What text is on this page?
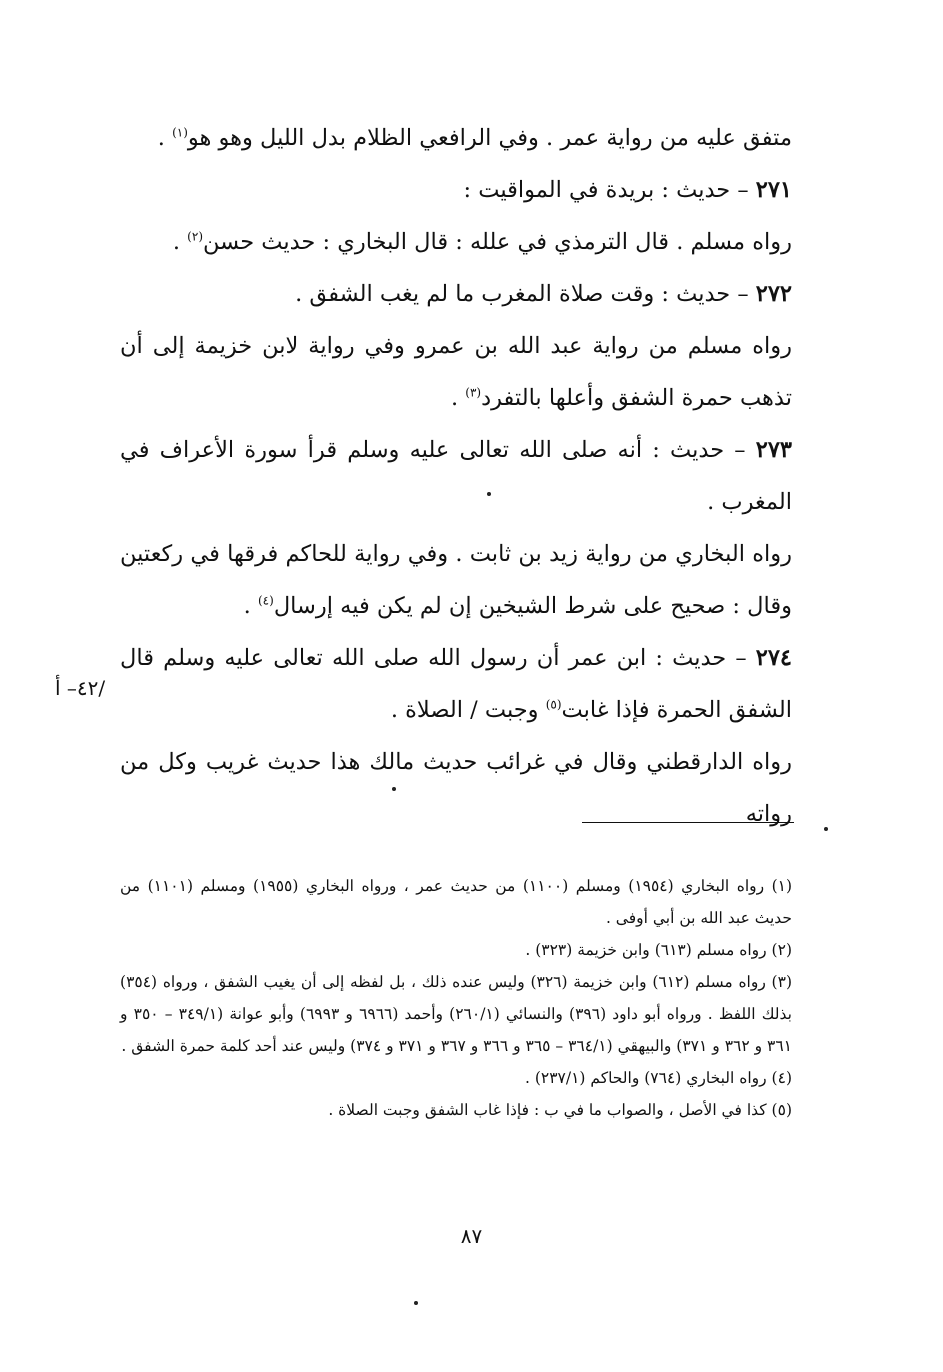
متفق عليه من رواية عمر . وفي الرافعي الظلام بدل الليل وهو هو$^{(١)}$ .

٢٧١ – حديث : بريدة في المواقيت :

رواه مسلم . قال الترمذي في علله : قال البخاري : حديث حسن$^{(٢)}$ .

٢٧٢ – حديث : وقت صلاة المغرب ما لم يغب الشفق .

رواه مسلم من رواية عبد الله بن عمرو وفي رواية لابن خزيمة إلى أن تذهب حمرة الشفق وأعلها بالتفرد$^{(٣)}$ .

٢٧٣ – حديث : أنه صلى الله تعالى عليه وسلم قرأ سورة الأعراف في المغرب .

رواه البخاري من رواية زيد بن ثابت . وفي رواية للحاكم فرقها في ركعتين وقال : صحيح على شرط الشيخين إن لم يكن فيه إرسال$^{(٤)}$ .

٢٧٤ – حديث : ابن عمر أن رسول الله صلى الله تعالى عليه وسلم قال الشفق الحمرة فإذا غابت$^{(٥)}$ وجبت / الصلاة .

رواه الدارقطني وقال في غرائب حديث مالك هذا حديث غريب وكل من رواته

/٤٢– أ

(١) رواه البخاري (١٩٥٤) ومسلم (١١٠٠) من حديث عمر ، ورواه البخاري (١٩٥٥) ومسلم (١١٠١) من حديث عبد الله بن أبي أوفى .

(٢) رواه مسلم (٦١٣) وابن خزيمة (٣٢٣) .

(٣) رواه مسلم (٦١٢) وابن خزيمة (٣٢٦) وليس عنده ذلك ، بل لفظه إلى أن يغيب الشفق ، ورواه (٣٥٤) بذلك اللفظ . ورواه أبو داود (٣٩٦) والنسائي (٢٦٠/١) وأحمد (٦٩٦٦ و ٦٩٩٣) وأبو عوانة (٣٤٩/١ – ٣٥٠ و ٣٦١ و ٣٦٢ و ٣٧١) والبيهقي (٣٦٤/١ – ٣٦٥ و ٣٦٦ و ٣٦٧ و ٣٧١ و ٣٧٤) وليس عند أحد كلمة حمرة الشفق .

(٤) رواه البخاري (٧٦٤) والحاكم (٢٣٧/١) .

(٥) كذا في الأصل ، والصواب ما في ب : فإذا غاب الشفق وجبت الصلاة .

٨٧
